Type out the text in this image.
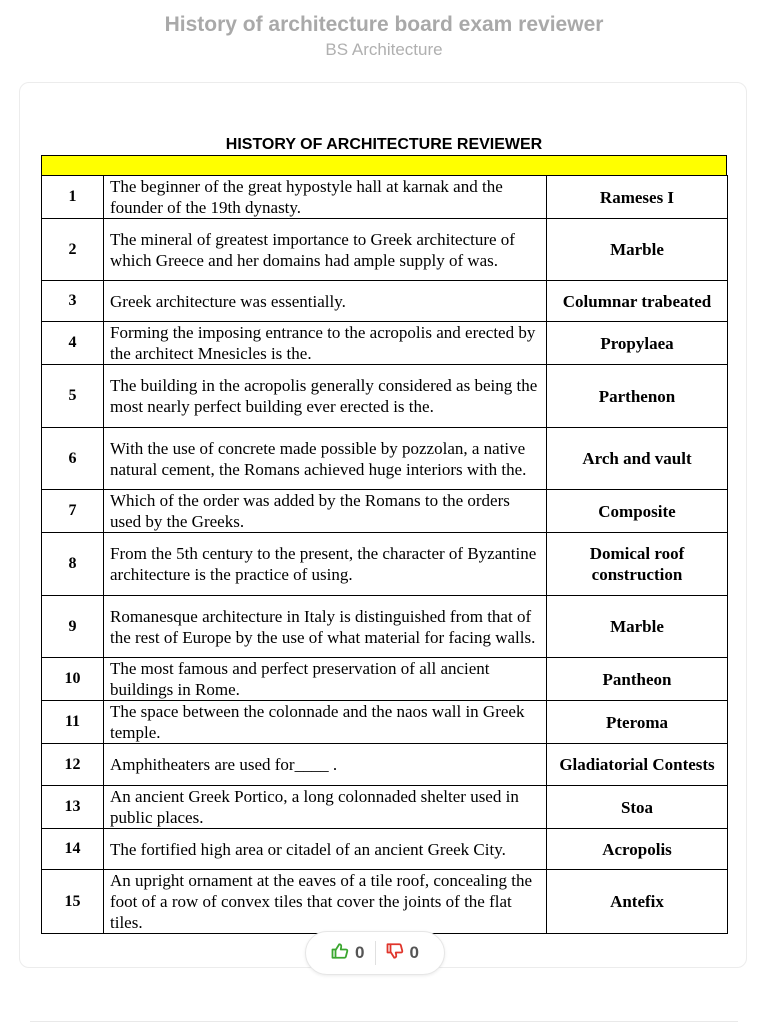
History of architecture board exam reviewer
BS Architecture
HISTORY OF ARCHITECTURE REVIEWER
1	The beginner of the great hypostyle hall at karnak and the founder of the 19th dynasty.	Rameses I

2	The mineral of greatest importance to Greek architecture of which Greece and her domains had ample supply of was.	Marble

3	Greek architecture was essentially.	Columnar trabeated

4	Forming the imposing entrance to the acropolis and erected by the architect Mnesicles is the.	Propylaea

5	The building in the acropolis generally considered as being the most nearly perfect building ever erected is the.	Parthenon

6	With the use of concrete made possible by pozzolan, a native natural cement, the Romans achieved huge interiors with the.	Arch and vault

7	Which of the order was added by the Romans to the orders used by the Greeks.	Composite

8	From the 5th century to the present, the character of Byzantine architecture is the practice of using.	Domical roof construction

9	Romanesque architecture in Italy is distinguished from that of the rest of Europe by the use of what material for facing walls.	Marble

10	The most famous and perfect preservation of all ancient buildings in Rome.	Pantheon

11	The space between the colonnade and the naos wall in Greek temple.	Pteroma

12	Amphitheaters are used for____ .	Gladiatorial Contests

13	An ancient Greek Portico, a long colonnaded shelter used in public places.	Stoa

14	The fortified high area or citadel of an ancient Greek City.	Acropolis

15	An upright ornament at the eaves of a tile roof, concealing the foot of a row of convex tiles that cover the joints of the flat tiles.	Antefix
0	0
